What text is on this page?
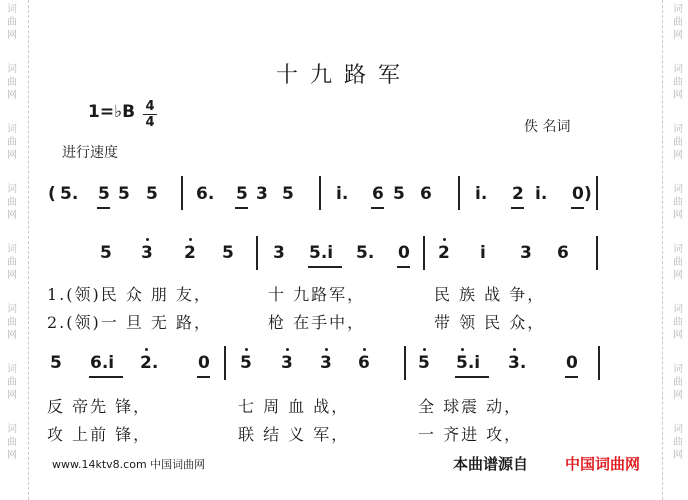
词
曲
网
词
曲
网
词
曲
网
词
曲
网
词
曲
网
词
曲
网
词
曲
网
词
曲
网
词
曲
网
词
曲
网
词
曲
网
词
曲
网
词
曲
网
词
曲
网
词
曲
网
词
曲
网
十九路军
1=♭B 4
4	佚 名词
进行速度
( 5. 5 5 5 6. 5 3 5 i. 6 5 6	i. 2 i. 0 )
5 3 2 5 3 5.i 5. 0 2 i 3 6
1.(领)民 众 朋 友，	十 九路军，	民 族 战 争，
2.(领)一 旦 无 路，	枪 在手中，	带 领 民 众，
5 6.i 2. 0 5 3 3 6	5 5.i 3. 0
反 帝先 锋，	七 周 血 战，	全 球震 动，
攻 上前 锋，	联 结 义 军，	一 齐进 攻，
www.14ktv8.com 中国词曲网	本曲谱源自 中国词曲网
